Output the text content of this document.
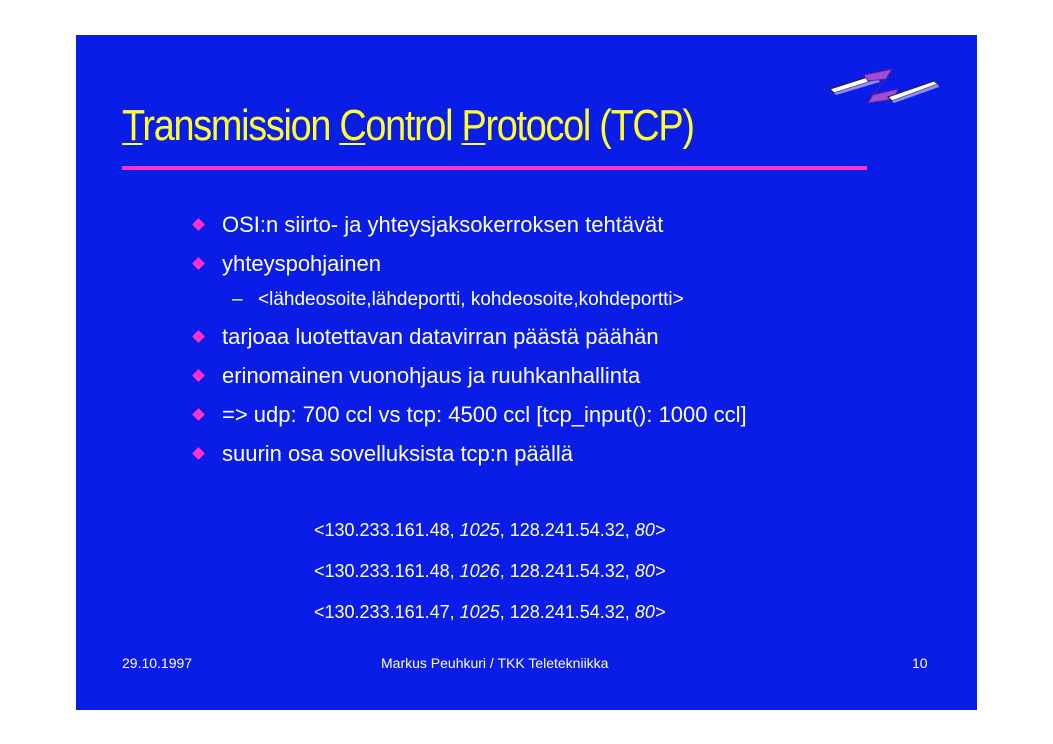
Transmission Control Protocol (TCP)
OSI:n siirto- ja yhteysjaksokerroksen tehtävät
yhteyspohjainen
– <lähdeosoite,lähdeportti, kohdeosoite,kohdeportti>
tarjoaa luotettavan datavirran päästä päähän
erinomainen vuonohjaus ja ruuhkanhallinta
=> udp: 700 ccl vs tcp: 4500 ccl [tcp_input(): 1000 ccl]
suurin osa sovelluksista tcp:n päällä
<130.233.161.48, 1025, 128.241.54.32, 80>
<130.233.161.48, 1026, 128.241.54.32, 80>
<130.233.161.47, 1025, 128.241.54.32, 80>
29.10.1997	Markus Peuhkuri / TKK Teletekniikka	10
